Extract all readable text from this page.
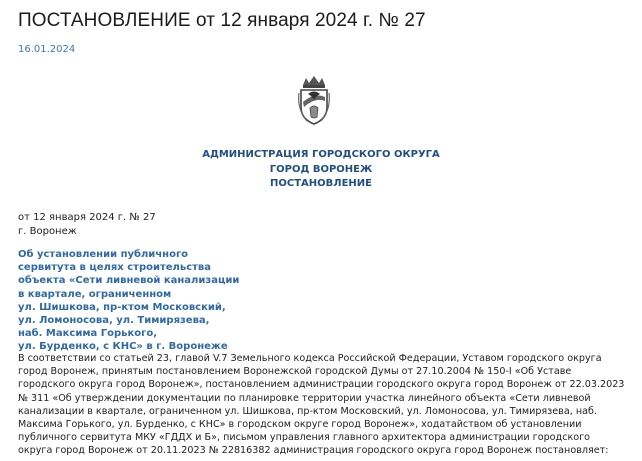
ПОСТАНОВЛЕНИЕ от 12 января 2024 г. № 27
16.01.2024
АДМИНИСТРАЦИЯ ГОРОДСКОГО ОКРУГА
ГОРОД ВОРОНЕЖ
ПОСТАНОВЛЕНИЕ
от 12 января 2024 г. № 27
г. Воронеж
Об установлении публичного
сервитута в целях строительства
объекта «Сети ливневой канализации
в квартале, ограниченном
ул. Шишкова, пр-ктом Московский,
ул. Ломоносова, ул. Тимирязева,
наб. Максима Горького,
ул. Бурденко, с КНС» в г. Воронеже
В соответствии со статьей 23, главой V.7 Земельного кодекса Российской Федерации, Уставом городского округа
город Воронеж, принятым постановлением Воронежской городской Думы от 27.10.2004 № 150-I «Об Уставе
городского округа город Воронеж», постановлением администрации городского округа город Воронеж от 22.03.2023
№ 311 «Об утверждении документации по планировке территории участка линейного объекта «Сети ливневой
канализации в квартале, ограниченном ул. Шишкова, пр-ктом Московский, ул. Ломоносова, ул. Тимирязева, наб.
Максима Горького, ул. Бурденко, с КНС» в городском округе город Воронеж», ходатайством об установлении
публичного сервитута МКУ «ГДДХ и Б», письмом управления главного архитектора администрации городского
округа город Воронеж от 20.11.2023 № 22816382 администрация городского округа город Воронеж постановляет:
